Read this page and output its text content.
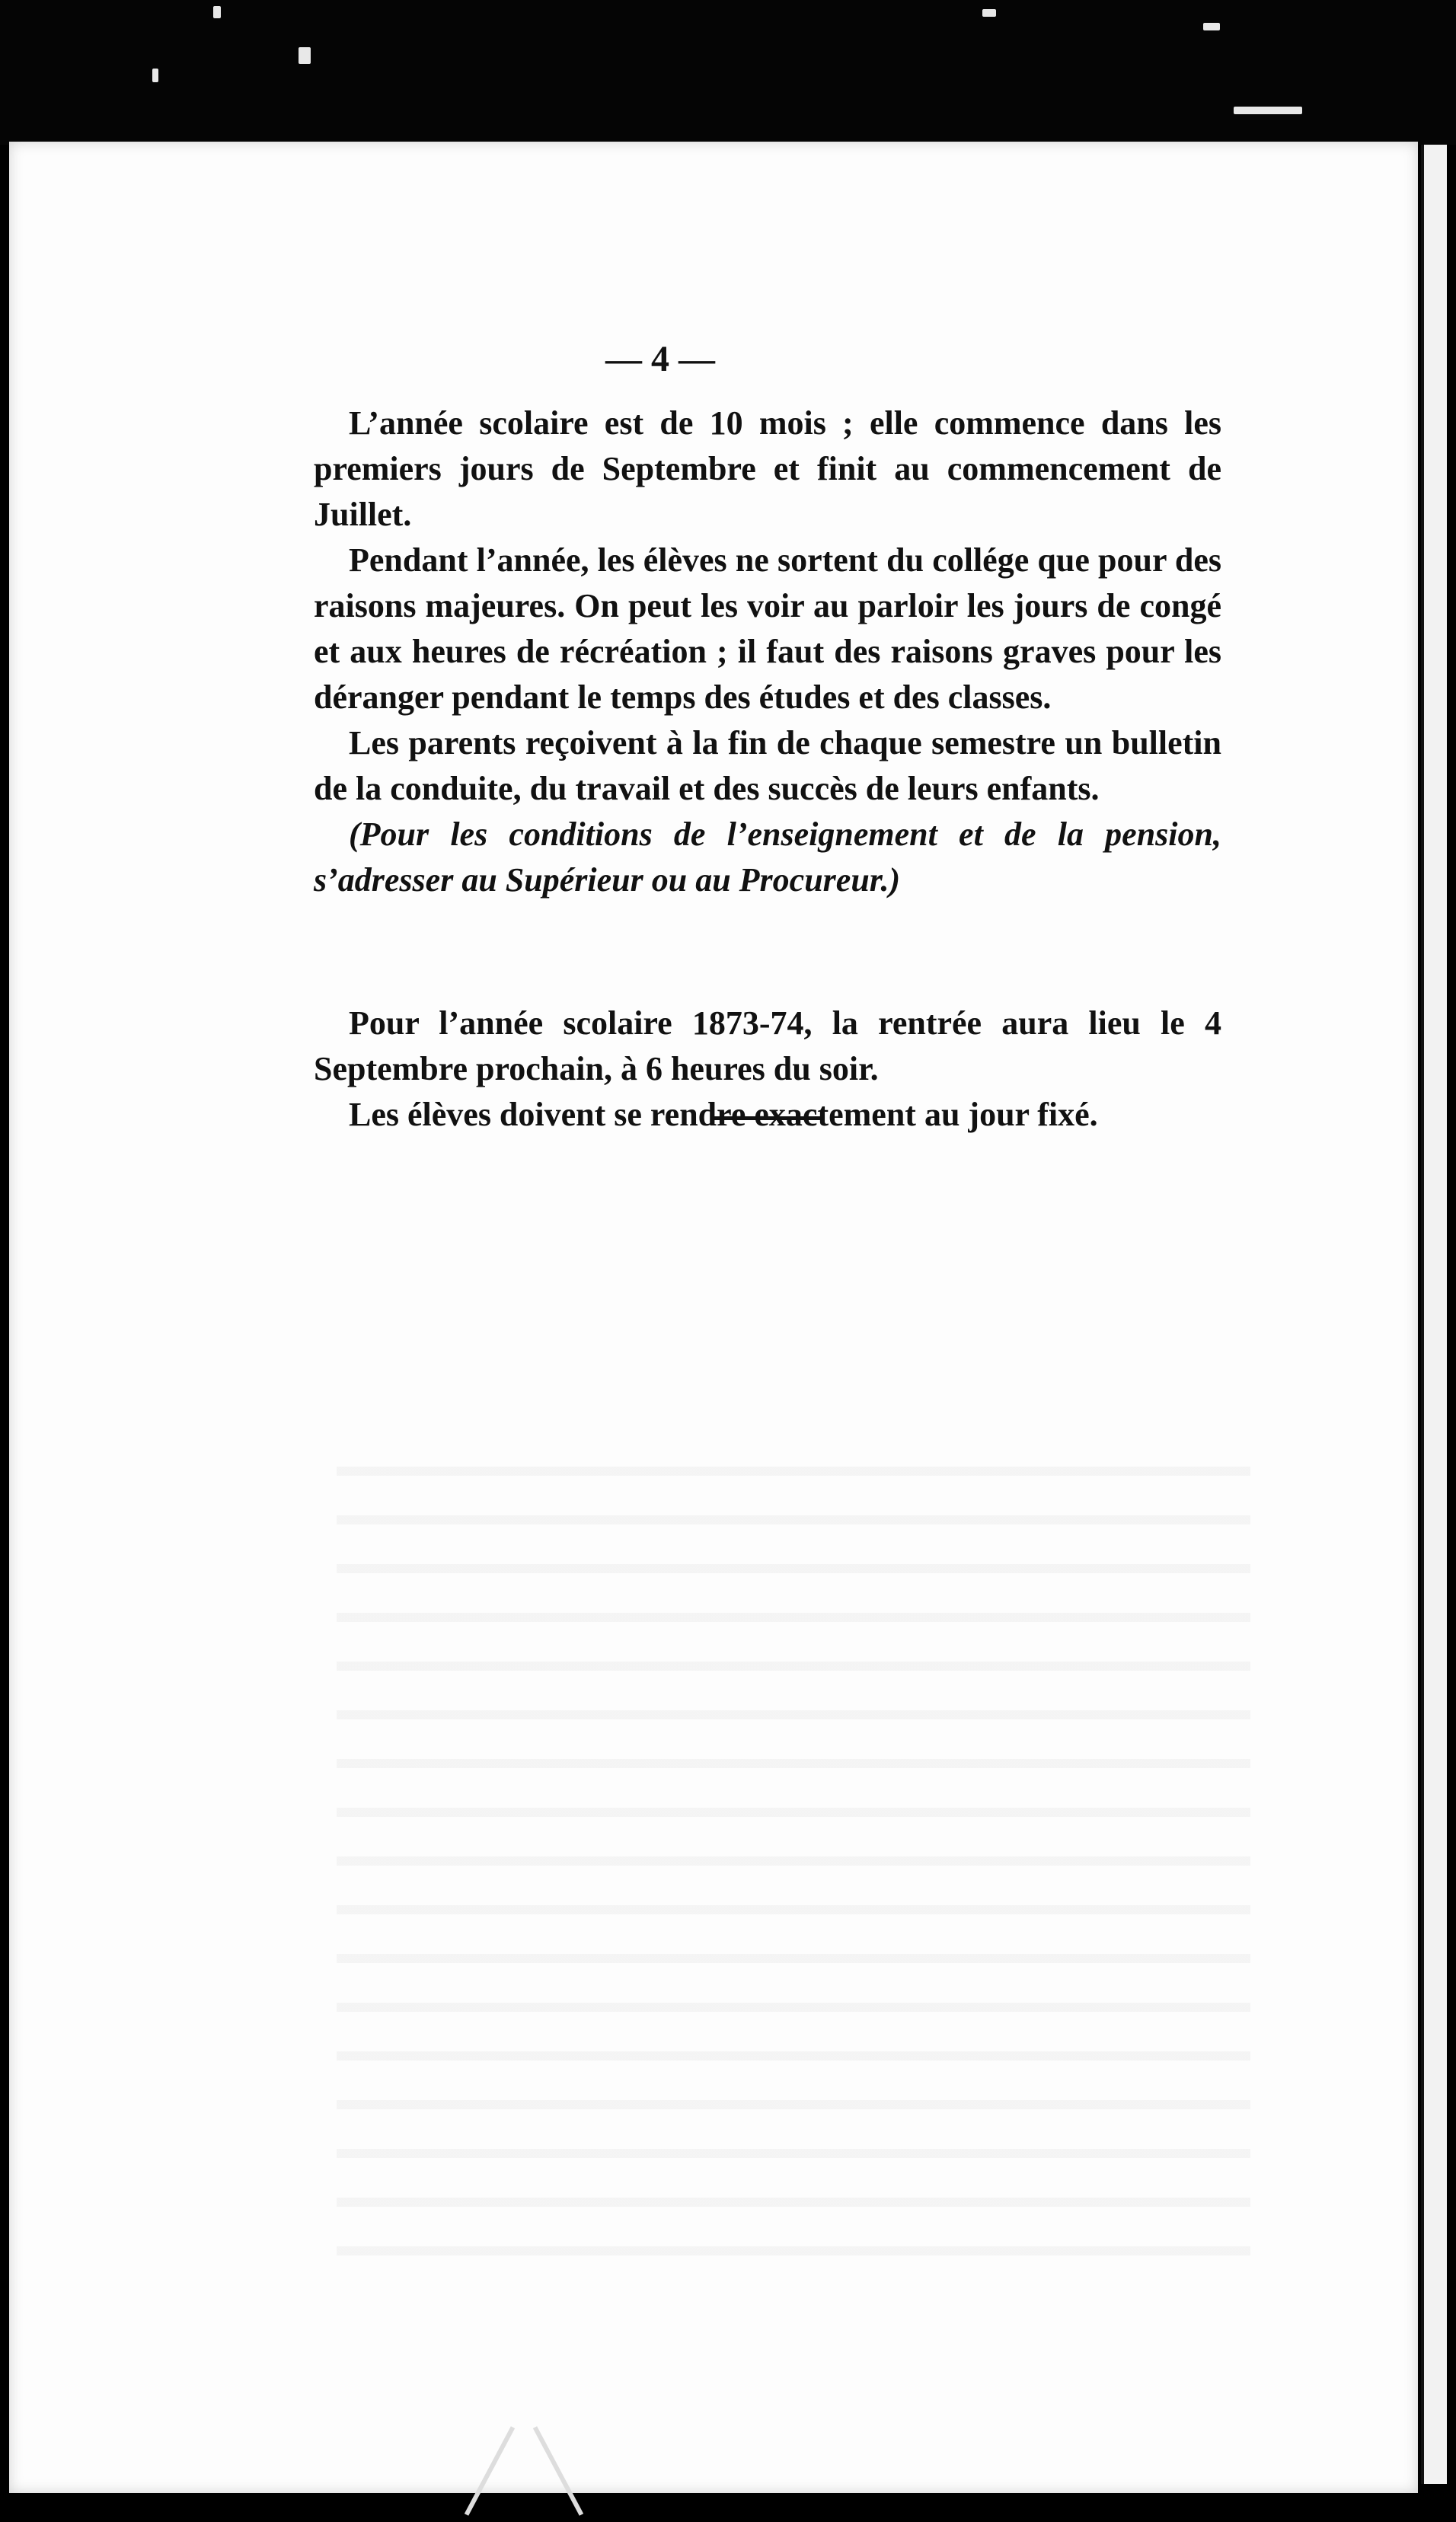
— 4 —

L’année scolaire est de 10 mois ; elle commence dans les premiers jours de Septembre et finit au commencement de Juillet.

Pendant l’année, les élèves ne sortent du collége que pour des raisons majeures. On peut les voir au parloir les jours de congé et aux heures de récréation ; il faut des raisons graves pour les déranger pendant le temps des études et des classes.

Les parents reçoivent à la fin de chaque semestre un bulletin de la conduite, du travail et des succès de leurs enfants.

(Pour les conditions de l’enseignement et de la pension, s’adresser au Supérieur ou au Procureur.)

Pour l’année scolaire 1873-74, la rentrée aura lieu le 4 Septembre prochain, à 6 heures du soir.

Les élèves doivent se rendre exactement au jour fixé.
